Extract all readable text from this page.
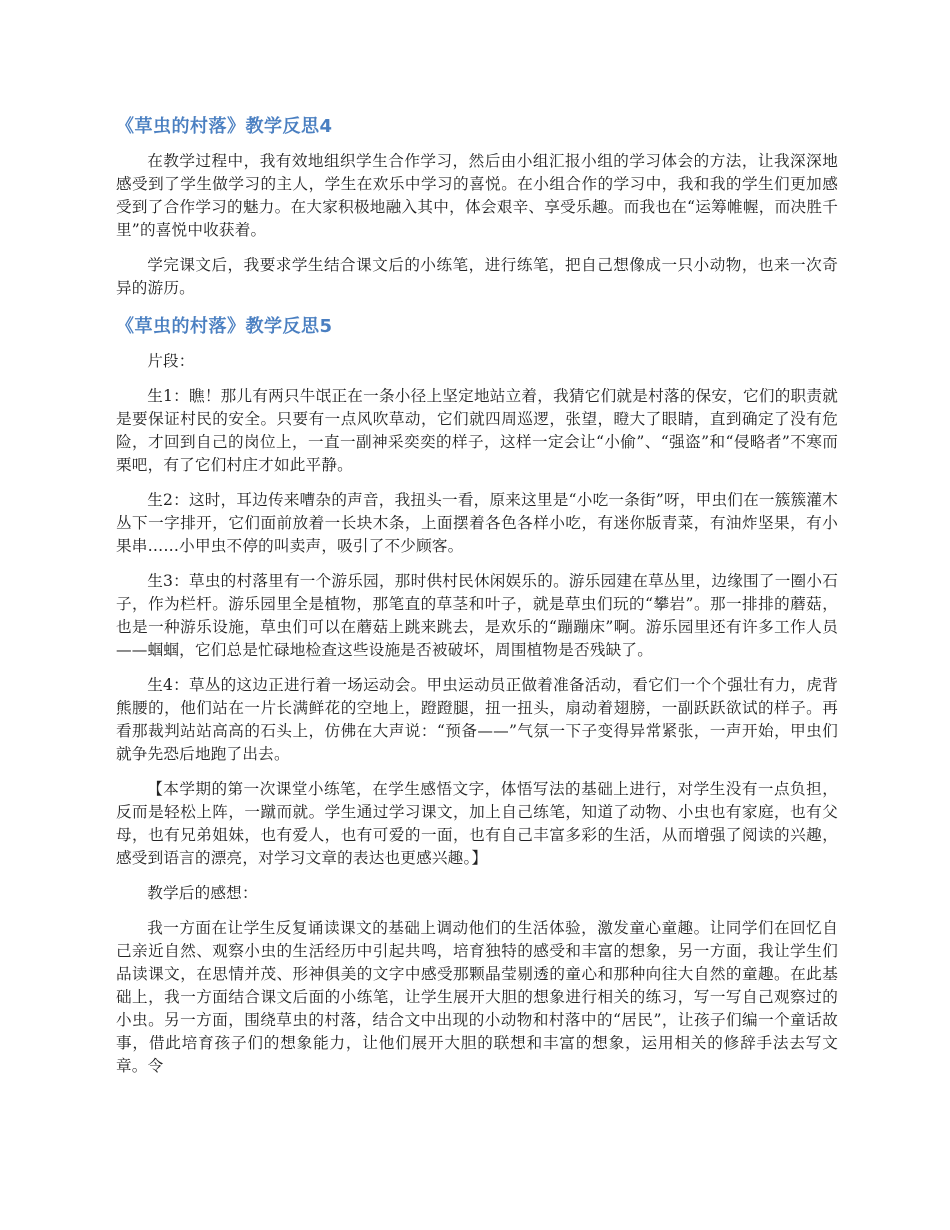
《草虫的村落》教学反思4

在教学过程中，我有效地组织学生合作学习，然后由小组汇报小组的学习体会的方法，让我深深地感受到了学生做学习的主人，学生在欢乐中学习的喜悦。在小组合作的学习中，我和我的学生们更加感受到了合作学习的魅力。在大家积极地融入其中，体会艰辛、享受乐趣。而我也在“运筹帷幄，而决胜千里”的喜悦中收获着。

学完课文后，我要求学生结合课文后的小练笔，进行练笔，把自己想像成一只小动物，也来一次奇异的游历。

《草虫的村落》教学反思5

片段：

生1：瞧！那儿有两只牛氓正在一条小径上坚定地站立着，我猜它们就是村落的保安，它们的职责就是要保证村民的安全。只要有一点风吹草动，它们就四周巡逻，张望，瞪大了眼睛，直到确定了没有危险，才回到自己的岗位上，一直一副神采奕奕的样子，这样一定会让“小偷”、“强盗”和“侵略者”不寒而栗吧，有了它们村庄才如此平静。

生2：这时，耳边传来嘈杂的声音，我扭头一看，原来这里是“小吃一条街”呀，甲虫们在一簇簇灌木丛下一字排开，它们面前放着一长块木条，上面摆着各色各样小吃，有迷你版青菜，有油炸坚果，有小果串……小甲虫不停的叫卖声，吸引了不少顾客。

生3：草虫的村落里有一个游乐园，那时供村民休闲娱乐的。游乐园建在草丛里，边缘围了一圈小石子，作为栏杆。游乐园里全是植物，那笔直的草茎和叶子，就是草虫们玩的“攀岩”。那一排排的蘑菇，也是一种游乐设施，草虫们可以在蘑菇上跳来跳去，是欢乐的“蹦蹦床”啊。游乐园里还有许多工作人员——蝈蝈，它们总是忙碌地检查这些设施是否被破坏，周围植物是否残缺了。

生4：草丛的这边正进行着一场运动会。甲虫运动员正做着准备活动，看它们一个个强壮有力，虎背熊腰的，他们站在一片长满鲜花的空地上，蹬蹬腿，扭一扭头，扇动着翅膀，一副跃跃欲试的样子。再看那裁判站站高高的石头上，仿佛在大声说：“预备——”气氛一下子变得异常紧张，一声开始，甲虫们就争先恐后地跑了出去。

【本学期的第一次课堂小练笔，在学生感悟文字，体悟写法的基础上进行，对学生没有一点负担，反而是轻松上阵，一蹴而就。学生通过学习课文，加上自己练笔，知道了动物、小虫也有家庭，也有父母，也有兄弟姐妹，也有爱人，也有可爱的一面，也有自己丰富多彩的生活，从而增强了阅读的兴趣，感受到语言的漂亮，对学习文章的表达也更感兴趣。】

教学后的感想：

我一方面在让学生反复诵读课文的基础上调动他们的生活体验，激发童心童趣。让同学们在回忆自己亲近自然、观察小虫的生活经历中引起共鸣，培育独特的感受和丰富的想象，另一方面，我让学生们品读课文，在思情并茂、形神俱美的文字中感受那颗晶莹剔透的童心和那种向往大自然的童趣。在此基础上，我一方面结合课文后面的小练笔，让学生展开大胆的想象进行相关的练习，写一写自己观察过的小虫。另一方面，围绕草虫的村落，结合文中出现的小动物和村落中的“居民”，让孩子们编一个童话故事，借此培育孩子们的想象能力，让他们展开大胆的联想和丰富的想象，运用相关的修辞手法去写文章。令
